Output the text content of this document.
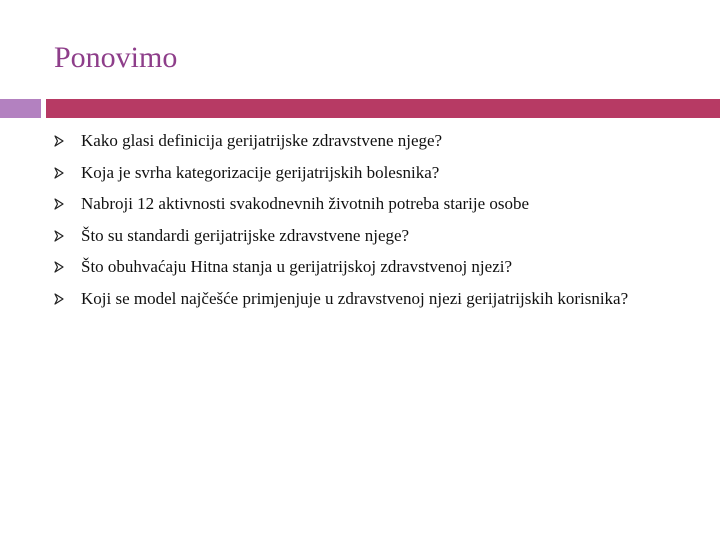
Ponovimo
Kako glasi definicija gerijatrijske zdravstvene njege?
Koja je svrha kategorizacije gerijatrijskih bolesnika?
Nabroji 12 aktivnosti svakodnevnih životnih potreba starije osobe
Što su standardi gerijatrijske zdravstvene njege?
Što obuhvaćaju Hitna stanja u gerijatrijskoj zdravstvenoj njezi?
Koji se model najčešće primjenjuje u zdravstvenoj njezi gerijatrijskih korisnika?
